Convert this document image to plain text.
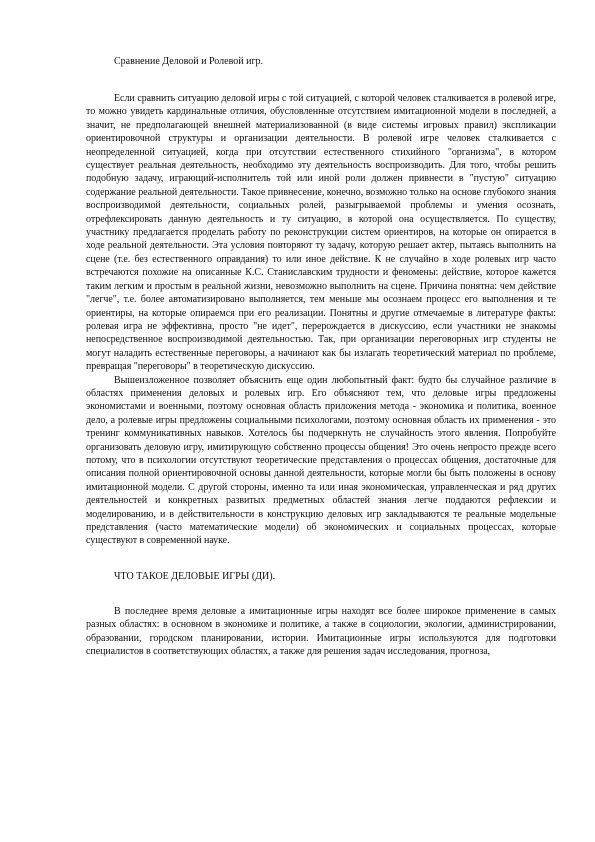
Сравнение Деловой и Ролевой игр.

Если сравнить ситуацию деловой игры с той ситуацией, с которой человек сталкивается в ролевой игре, то можно увидеть кардинальные отличия, обусловленные отсутствием имитационной модели в последней, а значит, не предполагающей внешней материализованной (в виде системы игровых правил) экспликации ориентировочной структуры и организации деятельности. В ролевой игре человек сталкивается с неопределенной ситуацией, когда при отсутствии естественного стихийного "организма", в котором существует реальная деятельность, необходимо эту деятельность воспроизводить. Для того, чтобы решить подобную задачу, играющий-исполнитель той или иной роли должен привнести в "пустую" ситуацию содержание реальной деятельности. Такое привнесение, конечно, возможно только на основе глубокого знания воспроизводимой деятельности, социальных ролей, разыгрываемой проблемы и умения осознать, отрефлексировать данную деятельность и ту ситуацию, в которой она осуществляется. По существу, участнику предлагается проделать работу по реконструкции систем ориентиров, на которые он опирается в ходе реальной деятельности. Эта условия повторяют ту задачу, которую решает актер, пытаясь выполнить на сцене (т.е. без естественного оправдания) то или иное действие. К не случайно в ходе ролевых игр часто встречаются похожие на описанные К.С. Станиславским трудности и феномены: действие, которое кажется таким легким и простым в реальной жизни, невозможно выполнить на сцене. Причина понятна: чем действие "легче", т.е. более автоматизировано выполняется, тем меньше мы осознаем процесс его выполнения и те ориентиры, на которые опираемся при его реализации. Понятны и другие отмечаемые в литературе факты: ролевая игра не эффективна, просто "не идет", перерождается в дискуссию, если участники не знакомы непосредственное воспроизводимой деятельностью. Так, при организации переговорных игр студенты не могут наладить естественные переговоры, а начинают как бы излагать теоретический материал по проблеме, превращая "переговоры" в теоретическую дискуссию.

Вышеизложенное позволяет объяснить еще один любопытный факт: будто бы случайное различие в областях применения деловых и ролевых игр. Его объясняют тем, что деловые игры предложены экономистами и военными, поэтому основная область приложения метода - экономика и политика, военное дело, а ролевые игры предложены социальными психологами, поэтому основная область их применения - это тренинг коммуникативных навыков. Хотелось бы подчеркнуть не случайность этого явления. Попробуйте организовать деловую игру, имитирующую собственно процессы общения! Это очень непросто прежде всего потому, что в психологии отсутствуют теоретические представления о процессах общения, достаточные для описания полной ориентировочной основы данной деятельности, которые могли бы быть положены в основу имитационной модели. С другой стороны, именно та или иная экономическая, управленческая и ряд других деятельностей и конкретных развитых предметных областей знания легче поддаются рефлексии и моделированию, и в действительности в конструкцию деловых игр закладываются те реальные модельные представления (часто математические модели) об экономических и социальных процессах, которые существуют в современной науке.

ЧТО ТАКОЕ ДЕЛОВЫЕ ИГРЫ (ДИ).

В последнее время деловые а имитационные игры находят все более широкое применение в самых разных областях: в основном в экономике и политике, а также в социологии, экологии, администрировании, образовании, городском планировании, истории. Имитационные игры используются для подготовки специалистов в соответствующих областях, а также для решения задач исследования, прогноза,
